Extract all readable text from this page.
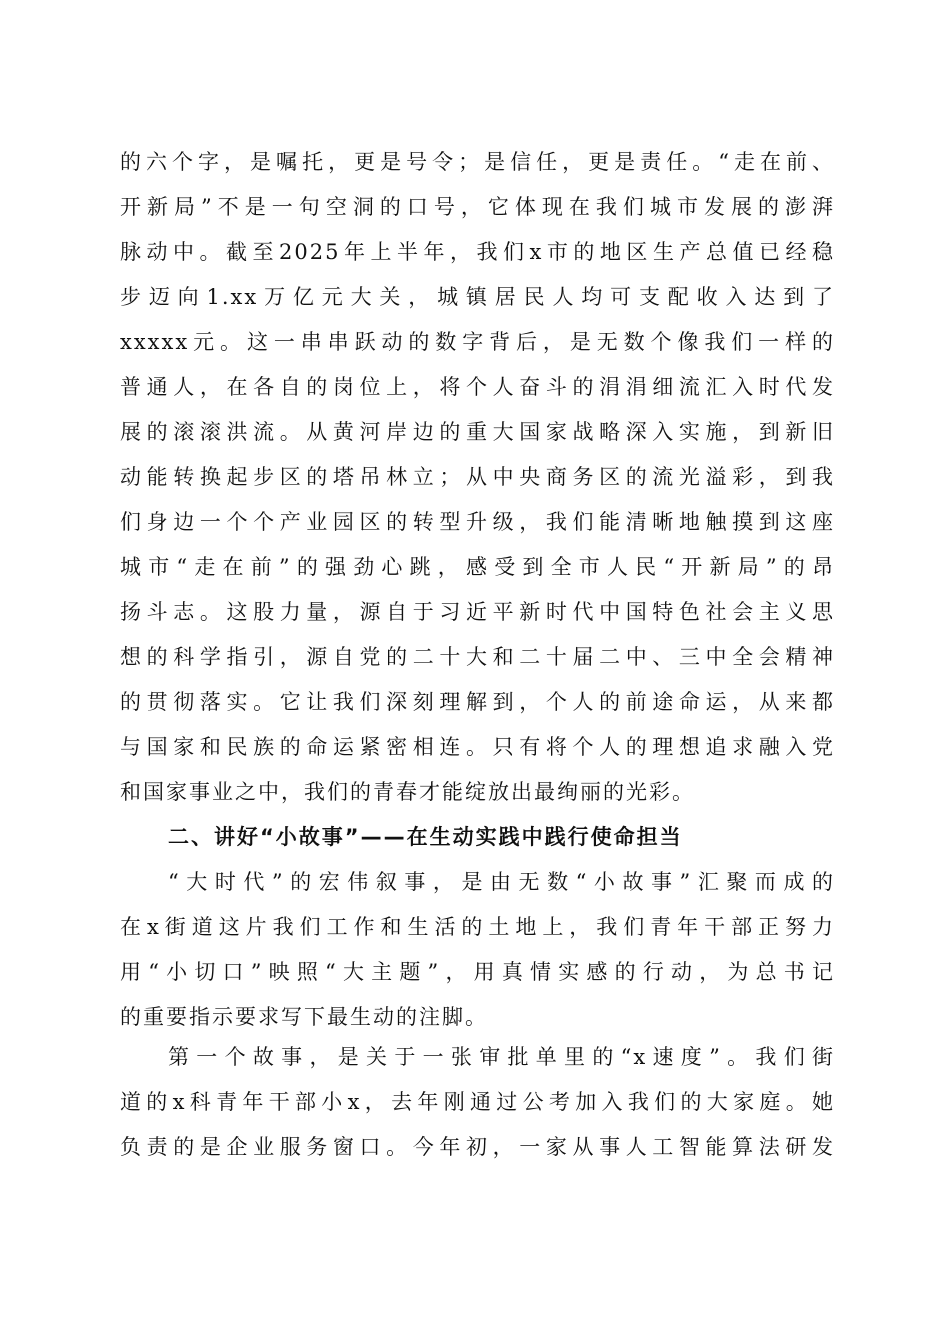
的六个字，是嘱托，更是号令；是信任，更是责任。“走在前、
开新局”不是一句空洞的口号，它体现在我们城市发展的澎湃
脉动中。截至2025年上半年，我们x市的地区生产总值已经稳
步迈向1.xx万亿元大关，城镇居民人均可支配收入达到了
xxxxx元。这一串串跃动的数字背后，是无数个像我们一样的
普通人，在各自的岗位上，将个人奋斗的涓涓细流汇入时代发
展的滚滚洪流。从黄河岸边的重大国家战略深入实施，到新旧
动能转换起步区的塔吊林立；从中央商务区的流光溢彩，到我
们身边一个个产业园区的转型升级，我们能清晰地触摸到这座
城市“走在前”的强劲心跳，感受到全市人民“开新局”的昂
扬斗志。这股力量，源自于习近平新时代中国特色社会主义思
想的科学指引，源自党的二十大和二十届二中、三中全会精神
的贯彻落实。它让我们深刻理解到，个人的前途命运，从来都
与国家和民族的命运紧密相连。只有将个人的理想追求融入党
和国家事业之中，我们的青春才能绽放出最绚丽的光彩。
二、讲好“小故事”——在生动实践中践行使命担当
“大时代”的宏伟叙事，是由无数“小故事”汇聚而成的
在x街道这片我们工作和生活的土地上，我们青年干部正努力
用“小切口”映照“大主题”，用真情实感的行动，为总书记
的重要指示要求写下最生动的注脚。
第一个故事，是关于一张审批单里的“x速度”。我们街
道的x科青年干部小x，去年刚通过公考加入我们的大家庭。她
负责的是企业服务窗口。今年初，一家从事人工智能算法研发
